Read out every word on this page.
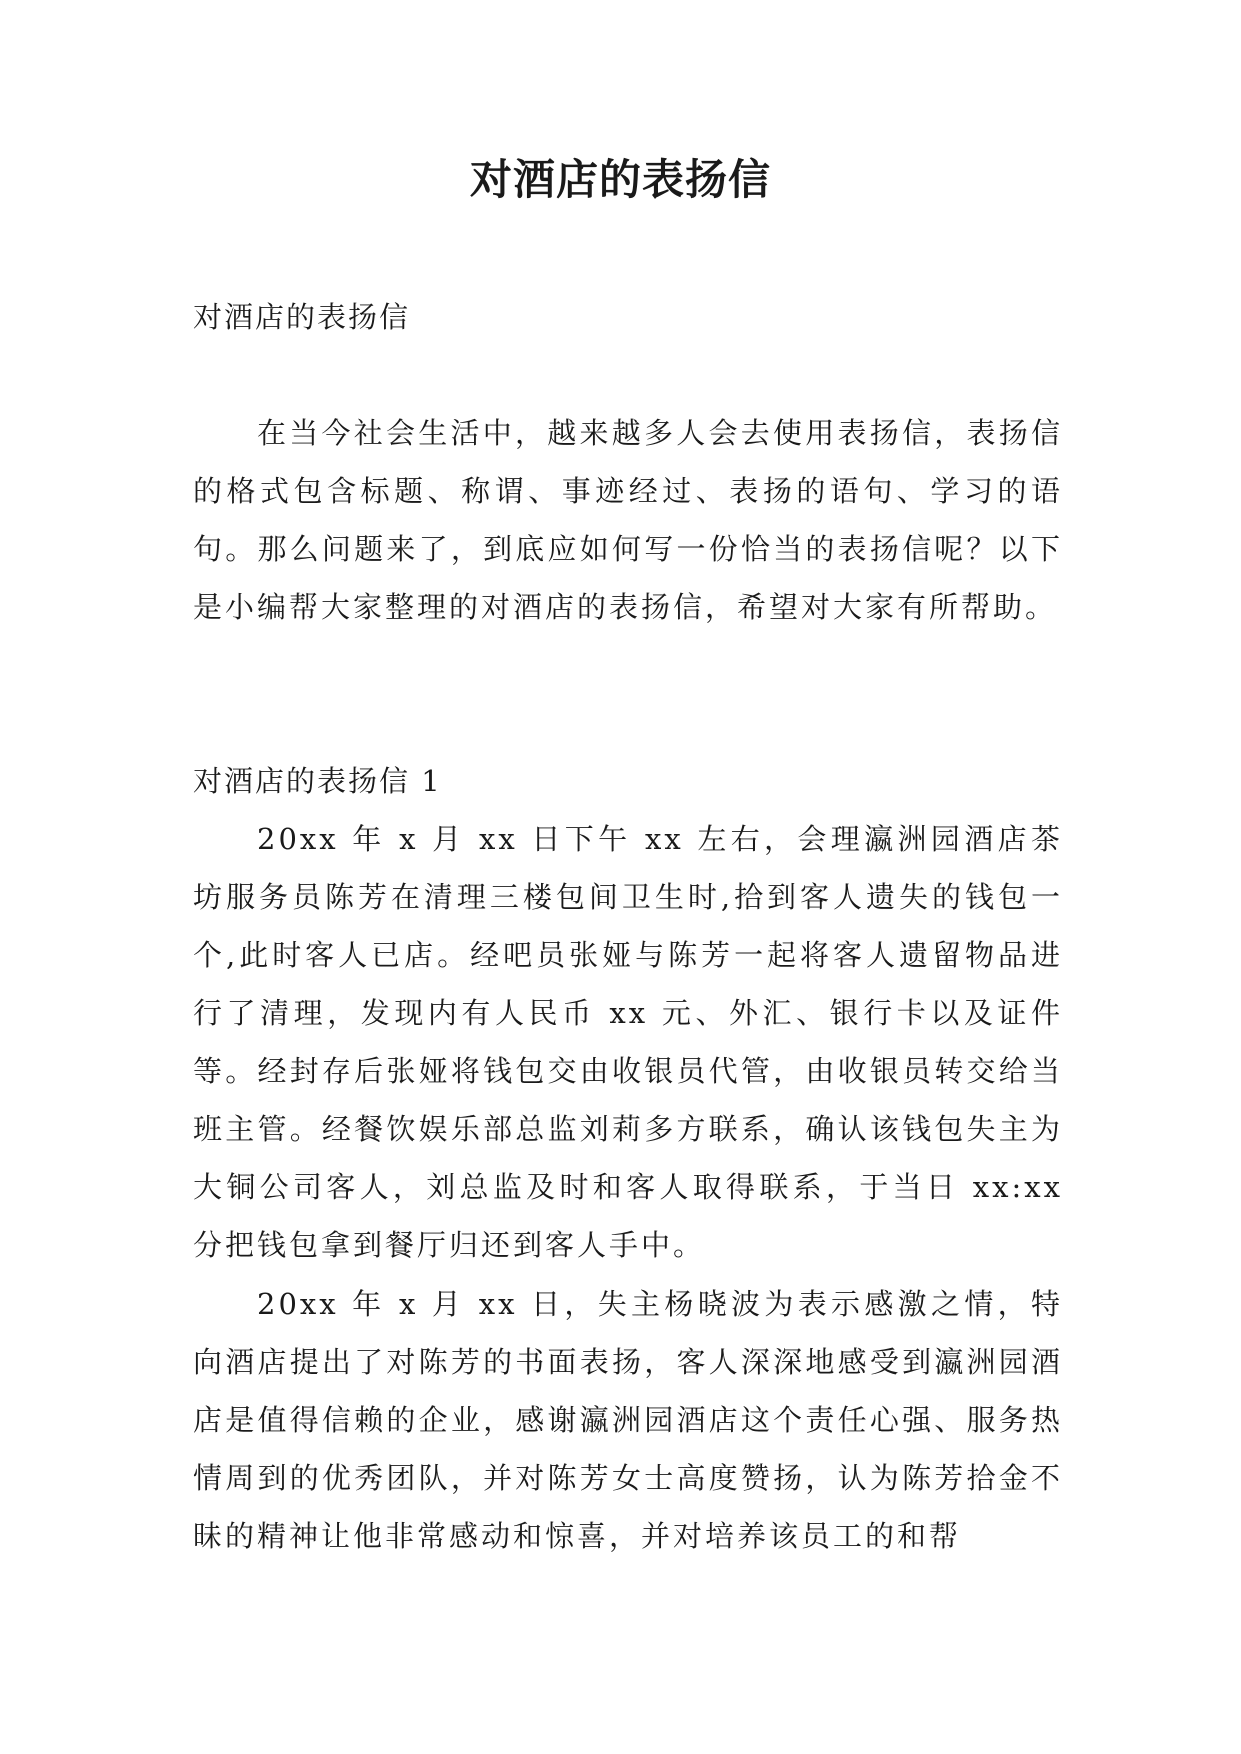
对酒店的表扬信
对酒店的表扬信
在当今社会生活中，越来越多人会去使用表扬信，表扬信的格式包含标题、称谓、事迹经过、表扬的语句、学习的语句。那么问题来了，到底应如何写一份恰当的表扬信呢？以下是小编帮大家整理的对酒店的表扬信，希望对大家有所帮助。
对酒店的表扬信 1
20xx 年 x 月 xx 日下午 xx 左右，会理瀛洲园酒店茶坊服务员陈芳在清理三楼包间卫生时,拾到客人遗失的钱包一个,此时客人已店。经吧员张娅与陈芳一起将客人遗留物品进行了清理，发现内有人民币 xx 元、外汇、银行卡以及证件等。经封存后张娅将钱包交由收银员代管，由收银员转交给当班主管。经餐饮娱乐部总监刘莉多方联系，确认该钱包失主为大铜公司客人，刘总监及时和客人取得联系，于当日 xx:xx 分把钱包拿到餐厅归还到客人手中。
20xx 年 x 月 xx 日，失主杨晓波为表示感激之情，特向酒店提出了对陈芳的书面表扬，客人深深地感受到瀛洲园酒店是值得信赖的企业，感谢瀛洲园酒店这个责任心强、服务热情周到的优秀团队，并对陈芳女士高度赞扬，认为陈芳拾金不昧的精神让他非常感动和惊喜，并对培养该员工的和帮
